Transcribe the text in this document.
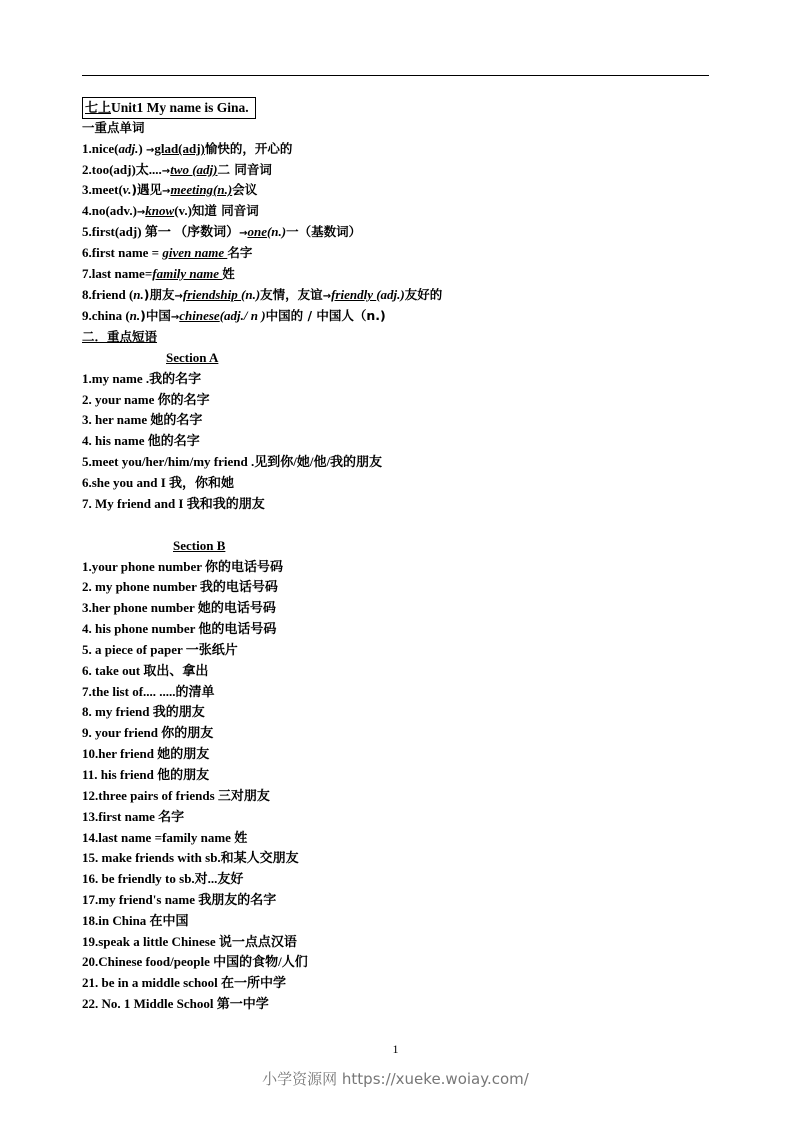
七上Unit1 My name is Gina.
一重点单词
1.nice(adj.) →glad(adj)愉快的，开心的
2.too(adj)太....→two (adj)二 同音词
3.meet(v.)遇见→meeting(n.)会议
4.no(adv.)→know(v.)知道 同音词
5.first(adj) 第一 （序数词）→one(n.)一（基数词）
6.first name = given name 名字
7.last name=family name 姓
8.friend (n.)朋友→friendship (n.)友情，友谊→friendly (adj.)友好的
9.china (n.)中国→chinese(adj./ n )中国的 / 中国人（n.)
二．重点短语
Section A
1.my name .我的名字
2. your name 你的名字
3. her name 她的名字
4. his name 他的名字
5.meet you/her/him/my friend .见到你/她/他/我的朋友
6.she you and I 我，你和她
7. My friend and I 我和我的朋友
Section B
1.your phone number 你的电话号码
2. my phone number 我的电话号码
3.her phone number 她的电话号码
4. his phone number 他的电话号码
5. a piece of paper 一张纸片
6. take out 取出、拿出
7.the list of.... .....的清单
8. my friend 我的朋友
9. your friend 你的朋友
10.her friend 她的朋友
11. his friend 他的朋友
12.three pairs of friends 三对朋友
13.first name 名字
14.last name =family name 姓
15. make friends with sb.和某人交朋友
16. be friendly to sb.对...友好
17.my friend's name 我朋友的名字
18.in China 在中国
19.speak a little Chinese 说一点点汉语
20.Chinese food/people 中国的食物/人们
21. be in a middle school 在一所中学
22. No. 1 Middle School 第一中学
1
小学资源网 https://xueke.woiay.com/
